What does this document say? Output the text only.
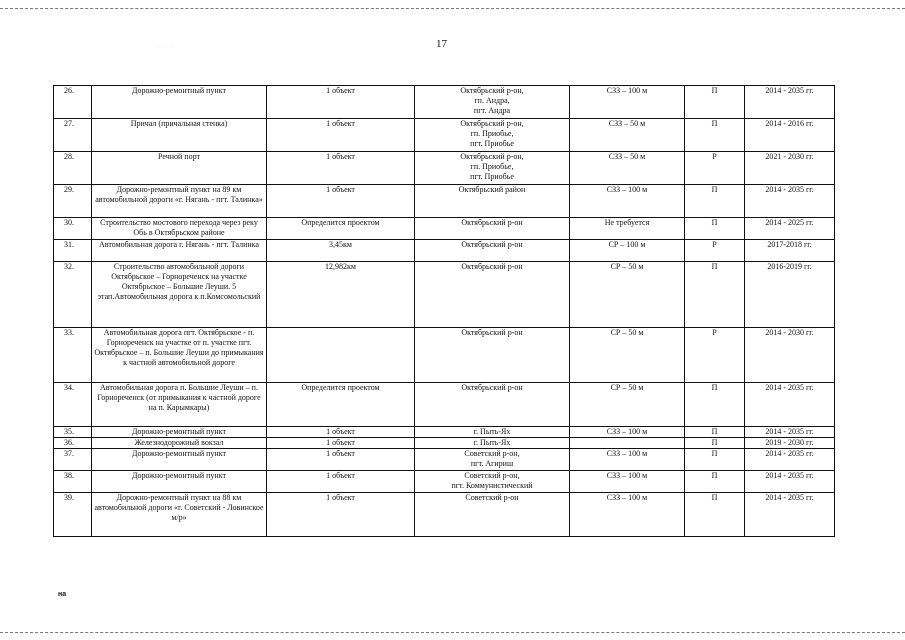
17
. . .
26.	Дорожно-ремонтный пункт	1 объект	Октябрьский р-он,
гп. Андра,
пгт. Андра	СЗЗ – 100 м	П	2014 - 2035 гг.
27.	Причал (причальная стенка)	1 объект	Октябрьский р-он,
гп. Приобье,
пгт. Приобье	СЗЗ – 50 м	П	2014 - 2016 гг.
28.	Речной порт	1 объект	Октябрьский р-он,
гп. Приобье,
пгт. Приобье	СЗЗ – 50 м	Р	2021 - 2030 гг.
29.	Дорожно-ремонтный пункт на 89 км автомобильной дороги «г. Нягань - пгт. Талинка»	1 объект	Октябрьский район	СЗЗ – 100 м	П	2014 - 2035 гг.
30.	Строительство мостового перехода через реку Обь в Октябрьском районе	Определится проектом	Октябрьский р-он	Не требуется	П	2014 - 2025 гг.
31.	Автомобильная дорога г. Нягань - пгт. Талинка	3,45км	Октябрьский р-он	СР – 100 м	Р	2017-2018 гг.
32.	Строительство автомобильной дороги Октябрьское – Горнореченск на участке Октябрьское – Большие Леуши. 5 этап.Автомобильная дорога к п.Комсомольский	12,982км	Октябрьский р-он	СР – 50 м	П	2016-2019 гг.
33.	Автомобильная дорога пгт. Октябрьское - п. Горнореченск на участке от п. участке пгт. Октябрьское – п. Большие Леуши до примыкания к частной автомобильной дороге		Октябрьский р-он	СР – 50 м	Р	2014 - 2030 гг.
34.	Автомобильная дорога п. Большие Леуши – п. Горнореченск (от примыкания к частной дороге на п. Карымкары)	Определится проектом	Октябрьский р-он	СР – 50 м	П	2014 - 2035 гг.
35.	Дорожно-ремонтный пункт	1 объект	г. Пыть-Ях	СЗЗ – 100 м	П	2014 - 2035 гг.
36.	Железнодорожный вокзал	1 объект	г. Пыть-Ях		П	2019 - 2030 гг.
37.	Дорожно-ремонтный пункт	1 объект	Советский р-он,
пгт. Агириш	СЗЗ – 100 м	П	2014 - 2035 гг.
38.	Дорожно-ремонтный пункт	1 объект	Советский р-он,
пгт. Коммунистический	СЗЗ – 100 м	П	2014 - 2035 гг.
39.	Дорожно-ремонтный пункт на 88 км автомобильной дороги «г. Советский - Ловинское м/р»	1 объект	Советский р-он	СЗЗ – 100 м	П	2014 - 2035 гг.
на
